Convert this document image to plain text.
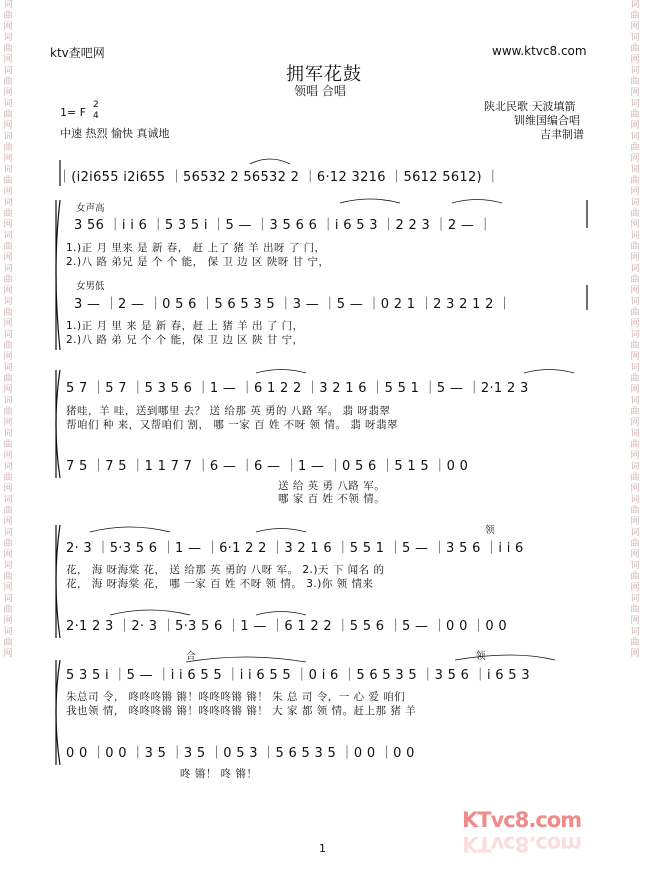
词曲网词曲网词曲网词曲网词曲网词曲网词曲网词曲网词曲网词曲网词曲网词曲网词曲网词曲网词曲网词曲网词曲网词曲网词曲网词曲网
词曲网词曲网词曲网词曲网词曲网词曲网词曲网词曲网词曲网词曲网词曲网词曲网词曲网词曲网词曲网词曲网词曲网词曲网词曲网词曲网
ktv查吧网	www.ktvc8.com
拥军花鼓
领唱 合唱
1= F
2
4
中速 热烈 愉快 真诚地
陕北民歌 天波填箭
钏维国编合唱
吉聿制谱
｜(i2i655 i2i655 ｜56532 2 56532 2 ｜6·12 3216 ｜5612 5612) ｜
女声高
3 56 ｜i i 6 ｜5 3 5 i ｜5 — ｜3 5 6 6 ｜i 6 5 3 ｜2 2 3 ｜2 — ｜
1.)正 月 里来 是 新 春， 赶 上了 猪 羊 出呀 了 门，
2.)八 路 弟兄 是 个 个 能， 保 卫 边 区 陕呀 甘 宁，
女男低
3 — ｜2 — ｜0 5 6 ｜5 6 5 3 5 ｜3 — ｜5 — ｜0 2 1 ｜2 3 2 1 2 ｜
1.)正 月 里 来 是 新 春，赶 上 猪 羊 出 了 门，
2.)八 路 弟 兄 个 个 能，保 卫 边 区 陕 甘 宁，
5 7 ｜5 7 ｜5 3 5 6 ｜1 — ｜6 1 2 2 ｜3 2 1 6 ｜5 5 1 ｜5 — ｜2·1 2 3
猪哇，羊 哇，送到哪里 去？ 送 给那 英 勇的 八路 军。 翡 呀翡翠
帮咱们 种 来，又帮咱们 割， 哪 一家 百 姓 不呀 领 情。 翡 呀翡翠
7 5 ｜7 5 ｜1 1 7 7 ｜6 — ｜6 — ｜1 — ｜0 5 6 ｜5 1 5 ｜0 0
送 给 英 勇 八路 军。
哪 家 百 姓 不领 情。
领
2· 3 ｜5·3 5 6 ｜1 — ｜6·1 2 2 ｜3 2 1 6 ｜5 5 1 ｜5 — ｜3 5 6 ｜i i 6
花， 海 呀海棠 花， 送 给那 英 勇的 八呀 军。 2.)天 下 闻名 的
花， 海 呀海棠 花， 哪 一家 百 姓 不呀 领 情。 3.)你 领 情来
2·1 2 3 ｜2· 3 ｜5·3 5 6 ｜1 — ｜6 1 2 2 ｜5 5 6 ｜5 — ｜0 0 ｜0 0
合	领
5 3 5 i ｜5 — ｜i i 6 5 5 ｜i i 6 5 5 ｜0 i 6 ｜5 6 5 3 5 ｜3 5 6 ｜i 6 5 3
朱总司 令， 咚咚咚锵 锵！咚咚咚锵 锵！ 朱 总 司 令，一 心 爱 咱们
我也领 情， 咚咚咚锵 锵！咚咚咚锵 锵！ 大 家 都 领 情。赶上那 猪 羊
0 0 ｜0 0 ｜3 5 ｜3 5 ｜0 5 3 ｜5 6 5 3 5 ｜0 0 ｜0 0
咚 锵！ 咚 锵！
1
KTvc8.com
KTvc8.com
